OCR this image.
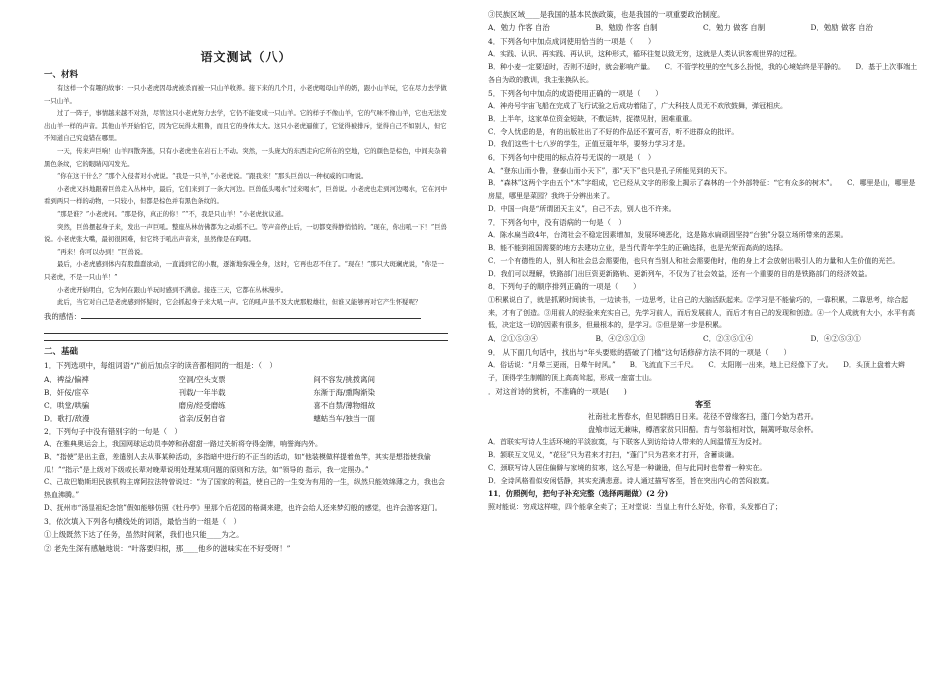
语文测试（八）
一、材料

有这样一个有趣的故事：一只小老虎因母虎被杀而被一只山羊收养。接下来的几个月，小老虎喝母山羊的奶，跟小山羊玩，它在尽力去学做一只山羊。

过了一阵子，事情越来越不对劲，尽管这只小老虎努力去学，它仍不能变成一只山羊。它的样子不像山羊，它的气味不像山羊，它也无法发出山羊一样的声音。其他山羊开始怕它，因为它玩得太粗鲁，而且它的身体太大。这只小老虎逼催了，它觉得被排斥，觉得自己不如别人，但它不知道自己究竟错在哪里。

一天，传来声巨响！山羊四散奔逃，只有小老虎坐在岩石上不动。突然，一头庞大的东西走向它所在的空地，它的颜色是棕色，中间夹杂着黑色条纹，它的眼睛闪闪发光。

“你在这干什么？”那个入侵者对小虎说。“我是一只羊，”小老虎说。“跟我来！”那头巨兽以一种权威的口吻说。

小老虎又抖地跟着巨兽走入丛林中，最后，它们来到了一条大河边。巨兽低头喝水“过来喝水”，巨兽说。小老虎也走到河边喝水，它在河中看到两只一样的动物，一只较小，但都是棕色并有黑色条纹的。

“那是谁？”小老虎问。“那是你，真正的你！”“不，我是只山羊！”小老虎抗议道。

突然，巨兽摆起身子来，发出一声巨吼。整座丛林仿佛都为之动摇不已。等声音停止后，一切都变得静悄悄的。“现在，你出吼一下！”巨兽说。小老虎张大嘴，最初很困难，但它终于吼出声音来，虽然像是在呜咽。

“再来！你可以办到！”巨兽说。

最后，小老虎感到体内有股蠢蠢欲动，一直涌到它的小腹，逐渐地弥漫全身，这时，它再也忍不住了。“现在！”那只大斑斓虎说，“你是一只老虎，不是一只山羊！”

小老虎开始明白，它为何在跟山羊玩时感到不满意。接连三天，它都在丛林漫步。

此后，当它对自己是老虎感到怀疑时，它会抓起身子来大吼一声。它的吼声虽不及大虎那般雄壮，但谁又能够再对它产生怀疑呢？

我的感悟：
二、基础

1．下列选项中，每组词语“/”前后加点字的读音都相同的一组是：（　）

A．裨益/偏裨	空洞/空头支票	间不容发/挑拨离间
B．奸佞/宦卒	刊载/一年半载	东渐于海/熏陶渐染
C．哄堂/哄骗	磨房/经受磨练	喜不自禁/薄物细故
D．歌打/敌漫	省亲/反躬自省	蟪蛄当车/独当一面

2．下列句子中没有错别字的一句是（　）

A、在雅典奥运会上，我国网球运动员李婷和孙甜甜一路过关斩将夺得金牌，响誉海内外。

B、“指使”是出主意，差遣别人去从事某种活动，多指暗中进行的不正当的活动，如“他装模做样提着鱼竿，其实是想指使我偷瓜！”“指示”是上级对下级或长辈对晚辈说明处理某项问题的原则和方法，如“领导的 指示，我一定照办。”

C、己故巴勒斯坦民族机构主席阿拉法特曾说过：“为了国家的利益，使自己的一生变为有用的一生，纵然只能效绵薄之力，我也会热血沸腾。”

D、抚州市“汤显祖纪念馆”假如能够仿照《牡丹亭》里那个后花园的格调来建，也许会给人还来梦幻般的感觉，也许会游客迎门。

3．依次填入下列各句横线处的词语，最恰当的一组是（　）

①上级既然下达了任务，虽然时间紧，我们也只能____为之。

② 老先生深有感触地说：“叶落要归根，那____他乡的滋味实在不好受呀！”

③民族区域____是我国的基本民族政策，也是我国的一项重要政治制度。

A．勉力 作客 自治	B．勉励 作客 自制	C．勉力 做客 自制	D．勉励 做客 自治

4．下列各句中加点成词使用恰当的一项是（　　）

A．实践、认识、再实践、再认识，这种形式，循环往复以致无穷，这就是人类认识客观世界的过程。

B．种小麦一定要适时，否则不适时，就会影响产量。　　C．不管学校里的空气多么扮悦，我的心境始终是平静的。　　D．基于上次事端土各自为政的教训，我主张换队长。

5．下列各句中加点的成语使用正确的一项是（　　）

A．神舟号宇宙飞船在完成了飞行试验之后成功着陆了，广大科技人员无不欢欣鼓舞，弹冠相庆。

B．上半年，这家单位资金短缺，不敷运转，捉襟见肘，困难重重。

C．令人忧虑的是，有的出版社出了不好的作品还不置可否，听不进群众的批评。

D．我们这些十七八岁的学生，正值豆蔻年华，要努力学习才是。

6．下列各句中使用的标点符号无误的一项是（　）

A．“登东山而小鲁，登泰山而小天下”，那“天下”也只是孔子所能见到的天下。

B．“森林”这两个字由五个“木”字组成，它已经从文字的形象上揭示了森林的一个外部特征：“它有众多的树木”。　　C．哪里是山，哪里是房屋，哪里是菜园？我终于分辨出来了。

D．中国一向是“所谓团天主义”，自己不去，别人也不许来。

7．下列各句中，没有语病的一句是（　）

A．陈水扁当政4年，台湾社会不稳定因素增加，发展环境恶化，这是陈水扁顽固坚持“台独”分裂立场所带来的恶果。

B．能不能到祖国需要的地方去建功立业，是当代青年学生的正确选择，也是光荣而高尚的选择。

C．一个有德性的人，别人和社会总会需要他，也只有当别人和社会需要他时，他的身上才会放射出吸引人的力量和人生价值的光芒。

D．我们可以理解，铁路部门出巨资更新路轨、更新列车，不仅为了社会效益，还有一个重要的目的是铁路部门的经济效益。

8．下列句子的顺序排列正确的一项是（　　）

①积累说白了，就是抓紧时间读书，一边读书，一边思考，让自己的大脑活跃起来。②学习是不能偷巧的，一靠积累，二靠思考，综合起来，才有了创造。③用前人的经验来充实自己，先学习前人，而后发展前人，而后才有自己的发现和创造。④一个人成就有大小，水平有高低，决定这一切的因素有很多，但最根本的，是学习。⑤但是第一步是积累。

A．②①⑤③④	B．④②⑤①③	C．②③⑤①④	D．④②⑤③①

9． 从下面几句话中，找出与“年头要账的搭破了门槛”这句话修辞方法不同的一项是（　　）

A．俗话说：“月晕三更雨，日晕午时风。”　　B．飞流直下三千尺。　　C．太阳刚一出来，地上已经像下了火。　　D．头顶上盘着大辫子，顶得学生制帽的顶上高高耸起，形成一座富士山。

．对这首诗的赏析，不准确的一项是(　　)

客至
社南社北皆春水，但见群鸥日日来。花径不曾缘客扫，蓬门今始为君开。
盘飧市远无兼味，樽酒家贫只旧醅。肯与邻翁相对饮，隔篱呼取尽余杯。

A．首联实写诗人生活环境的平淡寂寞，与下联客人到访给诗人带来的人间温情互为反衬。

B．颔联互文见义，“花径”只为君来才打扫，“蓬门”只为君来才打开，含蓄谈谦。

C．颈联写诗人居住偏僻与家境的贫寒，这么写是一种谦逊，但与此同时也带着一种实在。

D．全诗风格看似安闲恬静，其实充满悲意。诗人通过描写客至，旨在突出内心的苦闷寂寞。

11．仿照例句，把句子补充完整（选择两题做）(2 分)

照对能说：穷成这样啦，四个能拿全卖了；王对堂说：当皇上有什么好处，你看，头发都白了；
